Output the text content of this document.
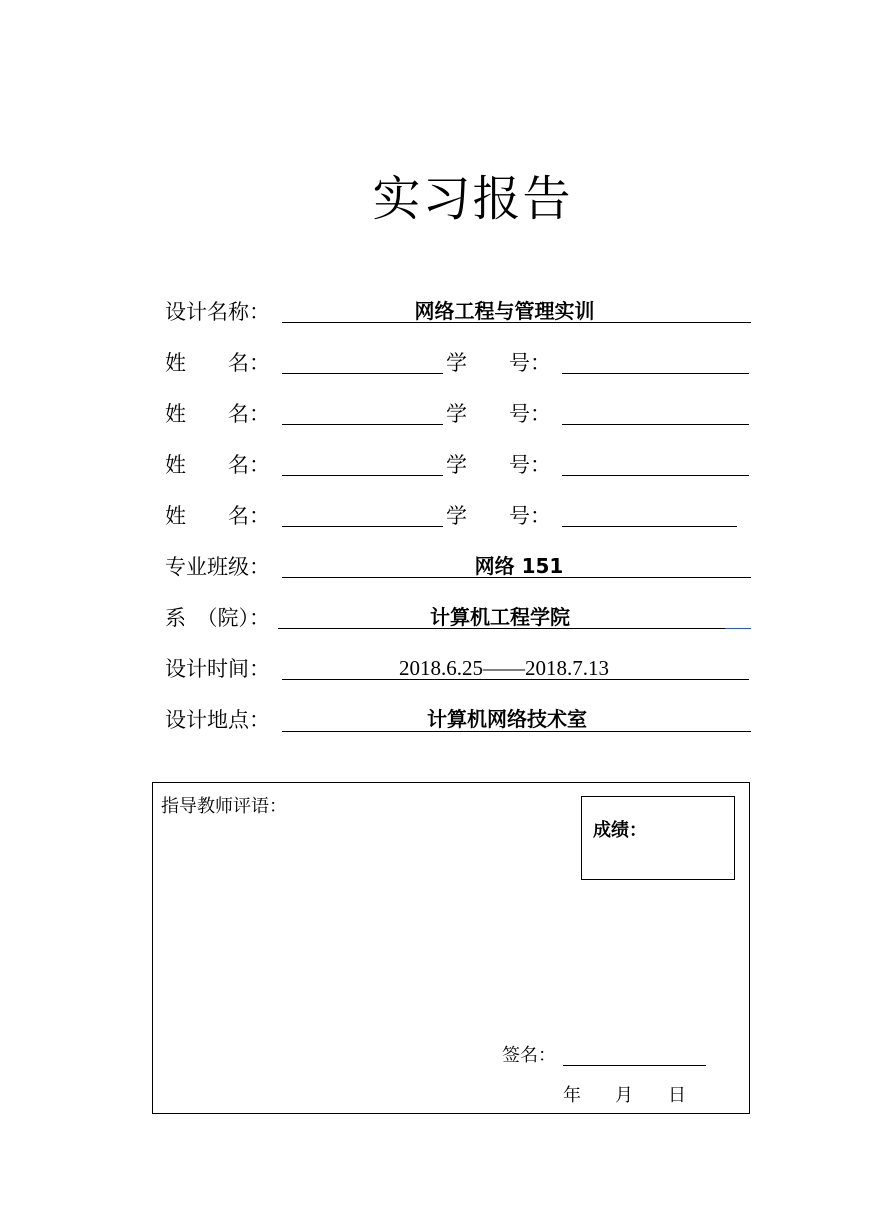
实习报告
设计名称：	网络工程与管理实训
姓　　名：	学　　号：
姓　　名：	学　　号：
姓　　名：	学　　号：
姓　　名：	学　　号：
专业班级：	网络 151
系　（院）：	计算机工程学院
设计时间：	2018.6.25——2018.7.13
设计地点：	计算机网络技术室
指导教师评语：
成绩：
签名：
年 月 日
